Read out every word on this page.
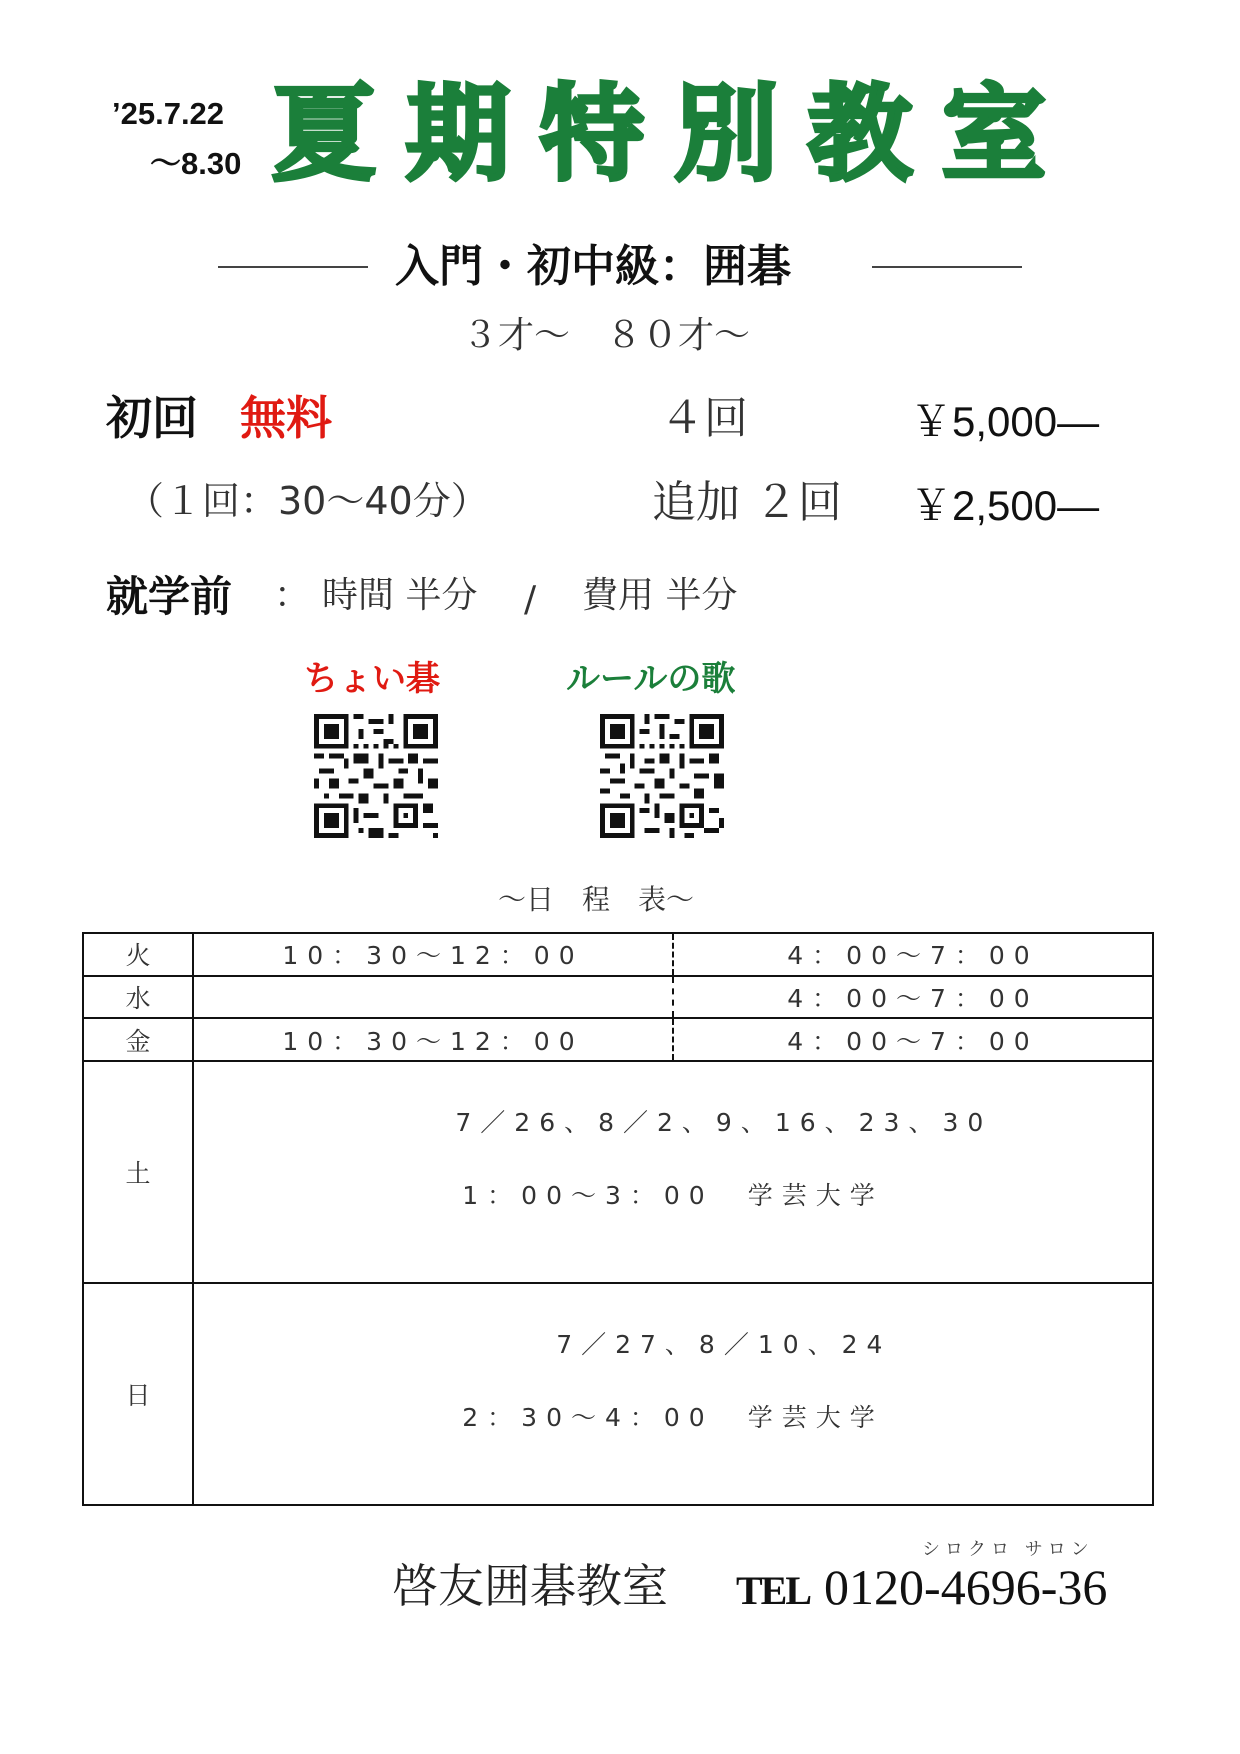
’25.7.22
〜8.30 夏期特別教室
入門・初中級：囲碁
３才〜　８０才〜
初回 無料
（１回：30〜40分）
４回	￥5,000—
追加 ２回 ￥2,500—
就学前 ： 時間 半分 / 費用 半分
ちょい碁	ルールの歌
〜日　程　表〜
火	10：30〜12：00	4：00〜7：00
水		4：00〜7：00
金	10：30〜12：00	4：00〜7：00
土	7／26、8／2、9、16、23、30

1：00〜3：00　学芸大学	

日	7／27、8／10、24

2：30〜4：00　学芸大学	

シロクロ サロン
啓友囲碁教室 TEL 0120-4696-36
